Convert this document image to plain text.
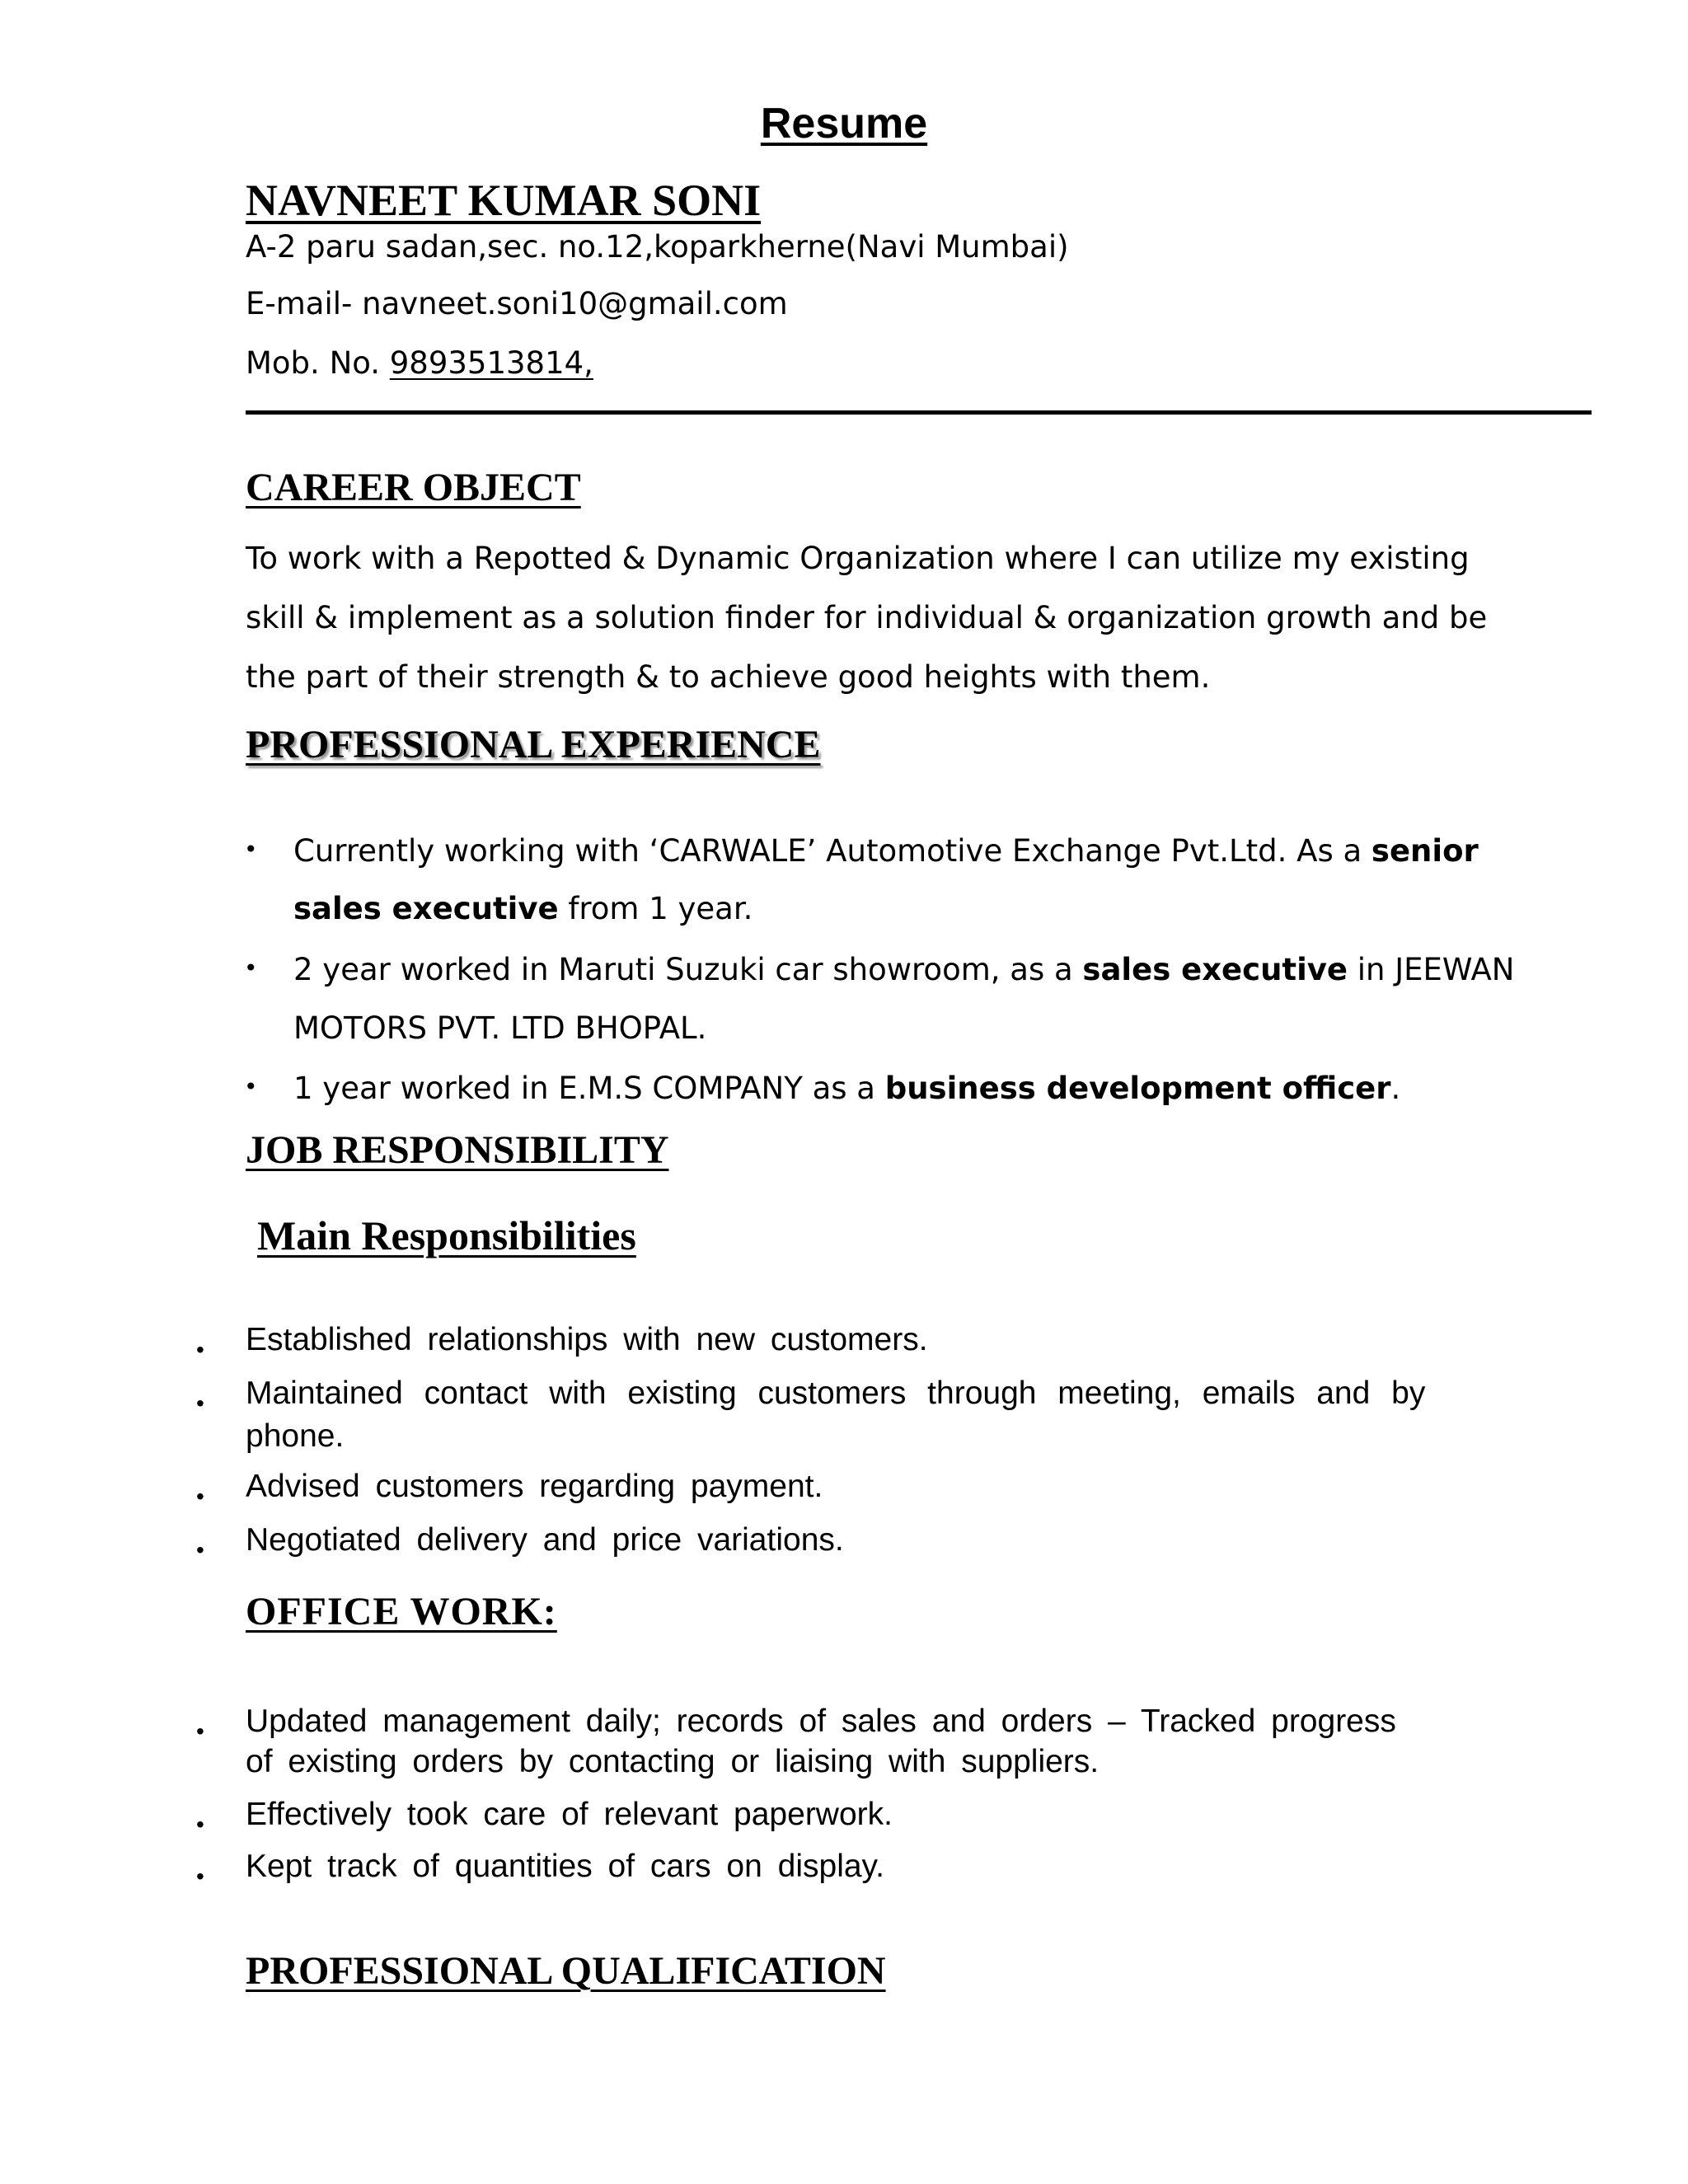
Resume
NAVNEET KUMAR SONI
A-2 paru sadan,sec. no.12,koparkherne(Navi Mumbai)
E-mail- navneet.soni10@gmail.com
Mob. No. 9893513814,
CAREER OBJECT
To work with a Repotted & Dynamic Organization where I can utilize my existing
skill & implement as a solution finder for individual & organization growth and be
the part of their strength & to achieve good heights with them.
PROFESSIONAL EXPERIENCE
• Currently working with ‘CARWALE’ Automotive Exchange Pvt.Ltd. As a senior
sales executive from 1 year.
• 2 year worked in Maruti Suzuki car showroom, as a sales executive in JEEWAN
MOTORS PVT. LTD BHOPAL.
• 1 year worked in E.M.S COMPANY as a business development officer.
JOB RESPONSIBILITY
Main Responsibilities
• Established relationships with new customers.
• Maintained contact with existing customers through meeting, emails and by
phone.
• Advised customers regarding payment.
• Negotiated delivery and price variations.
OFFICE WORK:
• Updated management daily; records of sales and orders – Tracked progress
of existing orders by contacting or liaising with suppliers.
• Effectively took care of relevant paperwork.
• Kept track of quantities of cars on display.
PROFESSIONAL QUALIFICATION
